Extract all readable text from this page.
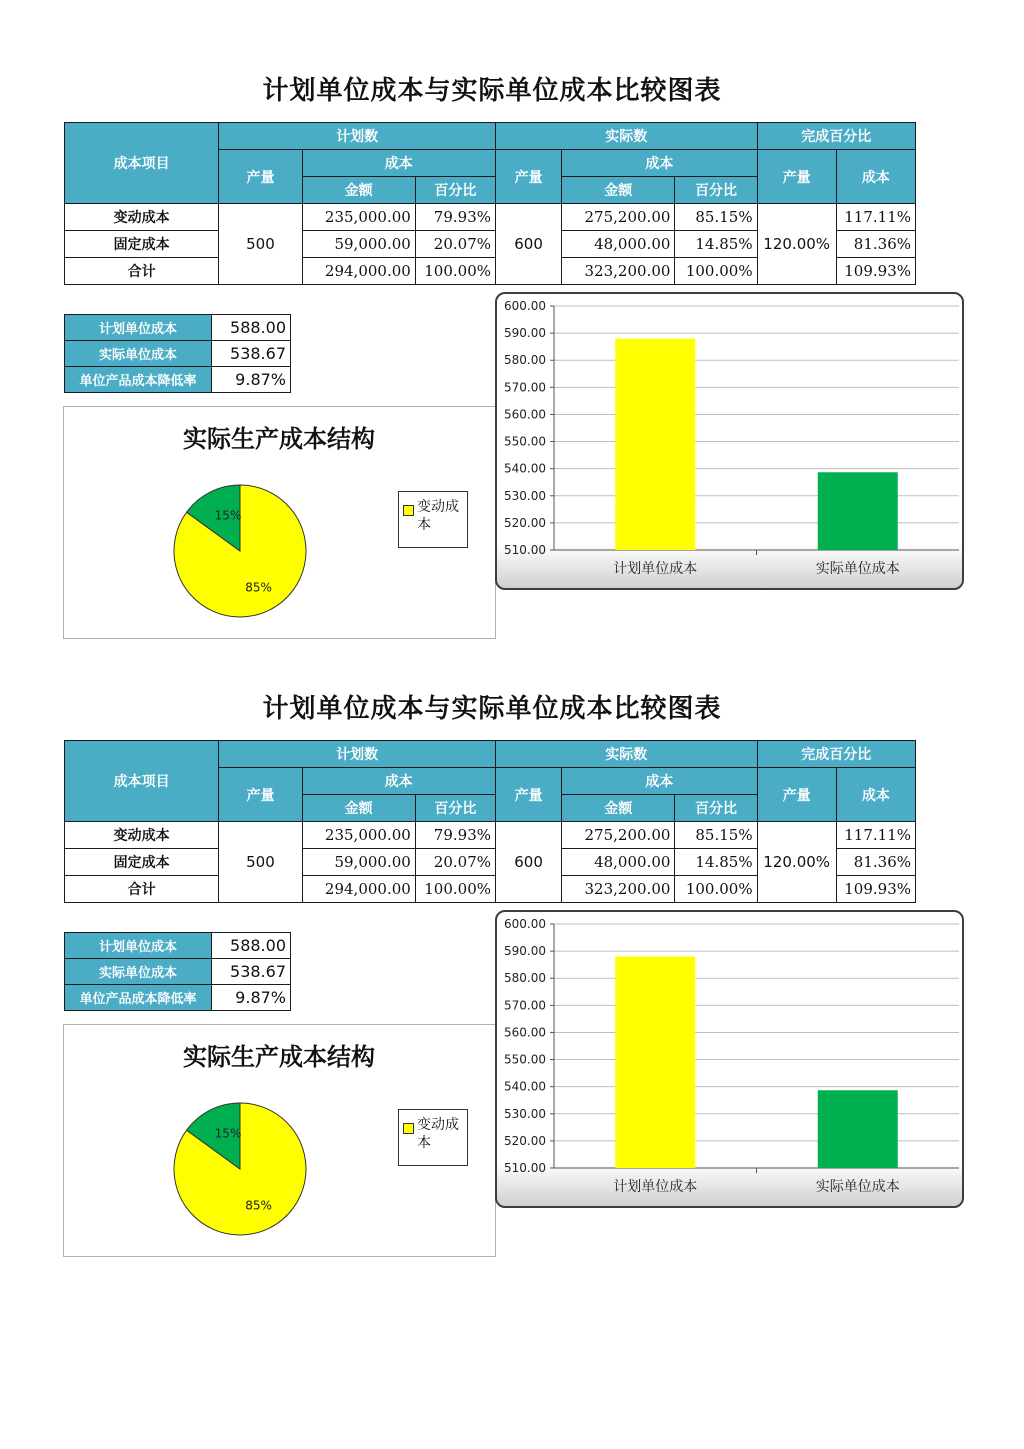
计划单位成本与实际单位成本比较图表
成本项目	计划数			实际数			完成百分比	
	产量	成本		产量	成本		产量	成本
		金额	百分比		金额	百分比		
变动成本	500	235,000.00	79.93%	600	275,200.00	85.15%	120.00%	117.11%
固定成本		59,000.00	20.07%		48,000.00	14.85%		81.36%
合计		294,000.00	100.00%		323,200.00	100.00%		109.93%
计划单位成本	588.00
实际单位成本	538.67
单位产品成本降低率	9.87%
实际生产成本结构
85%
15%
变动成本
600.00
590.00
580.00
570.00
560.00
550.00
540.00
530.00
520.00
510.00
计划单位成本	实际单位成本
计划单位成本与实际单位成本比较图表
成本项目	计划数			实际数			完成百分比	
	产量	成本		产量	成本		产量	成本
		金额	百分比		金额	百分比		
变动成本	500	235,000.00	79.93%	600	275,200.00	85.15%	120.00%	117.11%
固定成本		59,000.00	20.07%		48,000.00	14.85%		81.36%
合计		294,000.00	100.00%		323,200.00	100.00%		109.93%
计划单位成本	588.00
实际单位成本	538.67
单位产品成本降低率	9.87%
实际生产成本结构
85%
15%
变动成本
600.00
590.00
580.00
570.00
560.00
550.00
540.00
530.00
520.00
510.00
计划单位成本	实际单位成本
